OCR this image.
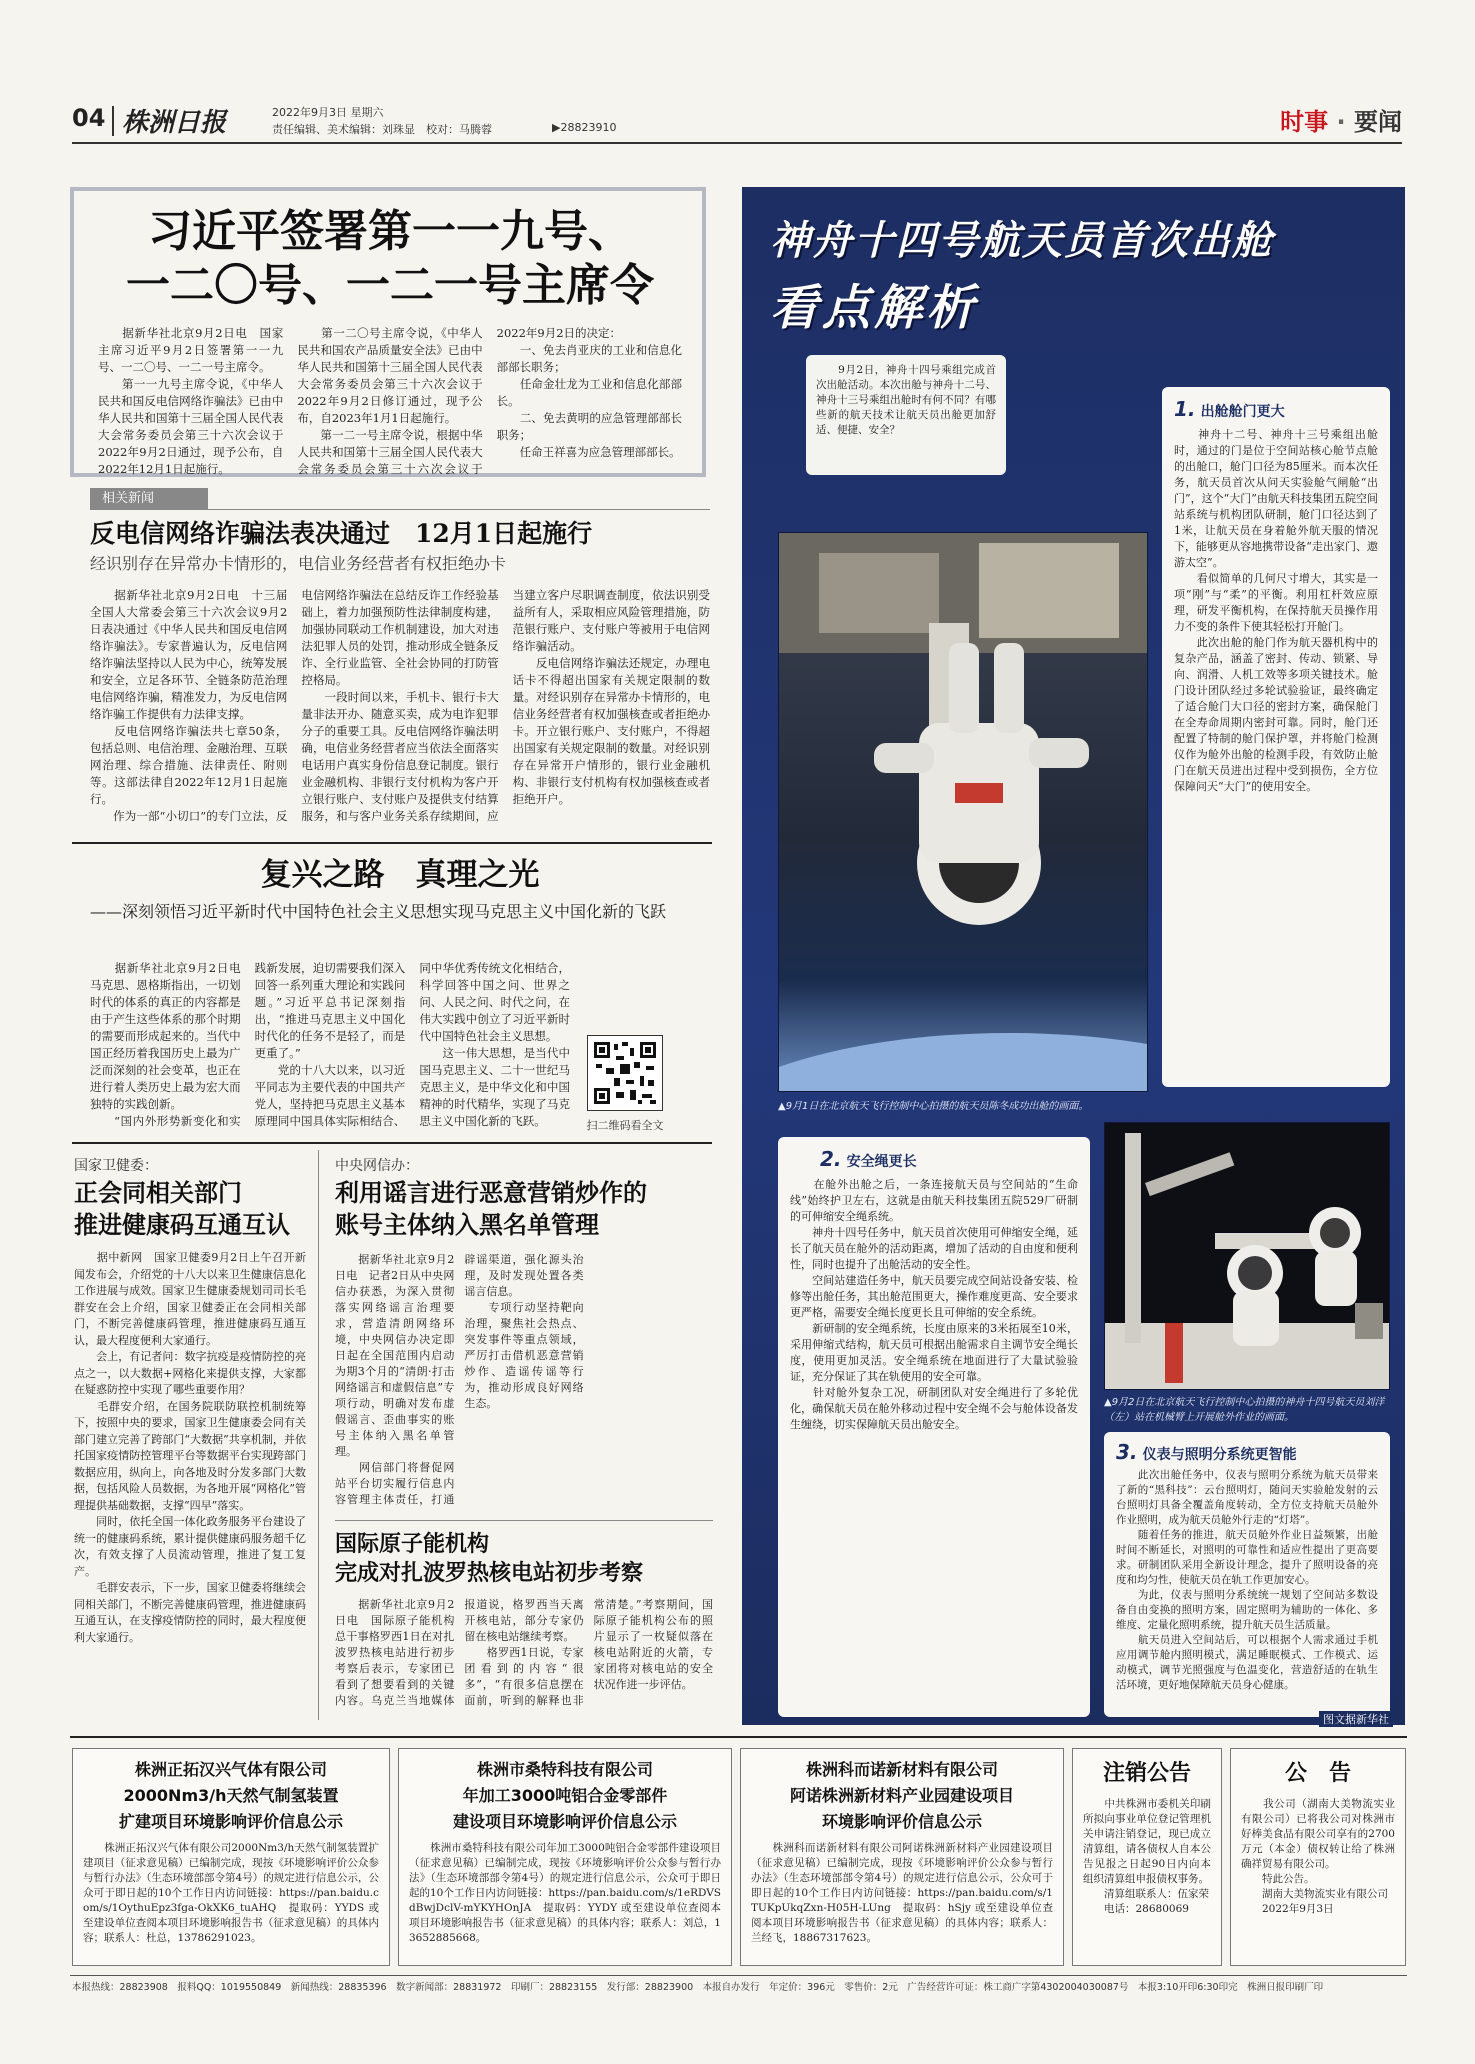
04 株洲日报	2022年9月3日 星期六
责任编辑、美术编辑：刘珠显　校对：马腾蓉	▶28823910	时事 · 要闻
习近平签署第一一九号、
一二〇号、一二一号主席令
　　据新华社北京9月2日电　国家主席习近平9月2日签署第一一九号、一二〇号、一二一号主席令。
　　第一一九号主席令说，《中华人民共和国反电信网络诈骗法》已由中华人民共和国第十三届全国人民代表大会常务委员会第三十六次会议于2022年9月2日通过，现予公布，自2022年12月1日起施行。
　　第一二〇号主席令说，《中华人民共和国农产品质量安全法》已由中华人民共和国第十三届全国人民代表大会常务委员会第三十六次会议于2022年9月2日修订通过，现予公布，自2023年1月1日起施行。
　　第一二一号主席令说，根据中华人民共和国第十三届全国人民代表大会常务委员会第三十六次会议于2022年9月2日的决定：
　　一、免去肖亚庆的工业和信息化部部长职务；
　　任命金壮龙为工业和信息化部部长。
　　二、免去黄明的应急管理部部长职务；
　　任命王祥喜为应急管理部部长。
相关新闻
反电信网络诈骗法表决通过　12月1日起施行
经识别存在异常办卡情形的，电信业务经营者有权拒绝办卡
　　据新华社北京9月2日电　十三届全国人大常委会第三十六次会议9月2日表决通过《中华人民共和国反电信网络诈骗法》。专家普遍认为，反电信网络诈骗法坚持以人民为中心，统筹发展和安全，立足各环节、全链条防范治理电信网络诈骗，精准发力，为反电信网络诈骗工作提供有力法律支撑。
　　反电信网络诈骗法共七章50条，包括总则、电信治理、金融治理、互联网治理、综合措施、法律责任、附则等。这部法律自2022年12月1日起施行。
　　作为一部“小切口”的专门立法，反电信网络诈骗法在总结反诈工作经验基础上，着力加强预防性法律制度构建，加强协同联动工作机制建设，加大对违法犯罪人员的处罚，推动形成全链条反诈、全行业监管、全社会协同的打防管控格局。
　　一段时间以来，手机卡、银行卡大量非法开办、随意买卖，成为电诈犯罪分子的重要工具。反电信网络诈骗法明确，电信业务经营者应当依法全面落实电话用户真实身份信息登记制度。银行业金融机构、非银行支付机构为客户开立银行账户、支付账户及提供支付结算服务，和与客户业务关系存续期间，应当建立客户尽职调查制度，依法识别受益所有人，采取相应风险管理措施，防范银行账户、支付账户等被用于电信网络诈骗活动。
　　反电信网络诈骗法还规定，办理电话卡不得超出国家有关规定限制的数量。对经识别存在异常办卡情形的，电信业务经营者有权加强核查或者拒绝办卡。开立银行账户、支付账户，不得超出国家有关规定限制的数量。对经识别存在异常开户情形的，银行业金融机构、非银行支付机构有权加强核查或者拒绝开户。
复兴之路　真理之光
——深刻领悟习近平新时代中国特色社会主义思想实现马克思主义中国化新的飞跃
　　据新华社北京9月2日电　马克思、恩格斯指出，一切划时代的体系的真正的内容都是由于产生这些体系的那个时期的需要而形成起来的。当代中国正经历着我国历史上最为广泛而深刻的社会变革，也正在进行着人类历史上最为宏大而独特的实践创新。
　　“国内外形势新变化和实践新发展，迫切需要我们深入回答一系列重大理论和实践问题。”习近平总书记深刻指出，“推进马克思主义中国化时代化的任务不是轻了，而是更重了。”
　　党的十八大以来，以习近平同志为主要代表的中国共产党人，坚持把马克思主义基本原理同中国具体实际相结合、同中华优秀传统文化相结合，科学回答中国之问、世界之问、人民之问、时代之问，在伟大实践中创立了习近平新时代中国特色社会主义思想。
　　这一伟大思想，是当代中国马克思主义、二十一世纪马克思主义，是中华文化和中国精神的时代精华，实现了马克思主义中国化新的飞跃。	扫二维码看全文
国家卫健委：
正会同相关部门
推进健康码互通互认
　　据中新网　国家卫健委9月2日上午召开新闻发布会，介绍党的十八大以来卫生健康信息化工作进展与成效。国家卫生健康委规划司司长毛群安在会上介绍，国家卫健委正在会同相关部门，不断完善健康码管理，推进健康码互通互认，最大程度便利大家通行。
　　会上，有记者问：数字抗疫是疫情防控的亮点之一，以大数据+网格化来提供支撑，大家都在疑惑防控中实现了哪些重要作用？
　　毛群安介绍，在国务院联防联控机制统筹下，按照中央的要求，国家卫生健康委会同有关部门建立完善了跨部门“大数据”共享机制，并依托国家疫情防控管理平台等数据平台实现跨部门数据应用，纵向上，向各地及时分发多部门大数据，包括风险人员数据，为各地开展“网格化”管理提供基础数据，支撑“四早”落实。
　　同时，依托全国一体化政务服务平台建设了统一的健康码系统，累计提供健康码服务超千亿次，有效支撑了人员流动管理，推进了复工复产。
　　毛群安表示，下一步，国家卫健委将继续会同相关部门，不断完善健康码管理，推进健康码互通互认，在支撑疫情防控的同时，最大程度便利大家通行。
中央网信办：
利用谣言进行恶意营销炒作的
账号主体纳入黑名单管理
　　据新华社北京9月2日电　记者2日从中央网信办获悉，为深入贯彻落实网络谣言治理要求，营造清朗网络环境，中央网信办决定即日起在全国范围内启动为期3个月的“清朗·打击网络谣言和虚假信息”专项行动，明确对发布虚假谣言、歪曲事实的账号主体纳入黑名单管理。
　　网信部门将督促网站平台切实履行信息内容管理主体责任，打通辟谣渠道，强化源头治理，及时发现处置各类谣言信息。
　　专项行动坚持靶向治理，聚焦社会热点、突发事件等重点领域，严厉打击借机恶意营销炒作、造谣传谣等行为，推动形成良好网络生态。
国际原子能机构
完成对扎波罗热核电站初步考察
　　据新华社北京9月2日电　国际原子能机构总干事格罗西1日在对扎波罗热核电站进行初步考察后表示，专家团已看到了想要看到的关键内容。乌克兰当地媒体报道说，格罗西当天离开核电站，部分专家仍留在核电站继续考察。
　　格罗西1日说，专家团看到的内容“很多”，“有很多信息摆在面前，听到的解释也非常清楚。”考察期间，国际原子能机构公布的照片显示了一枚疑似落在核电站附近的火箭，专家团将对核电站的安全状况作进一步评估。
神舟十四号航天员首次出舱
看点解析
　　9月2日，神舟十四号乘组完成首次出舱活动。本次出舱与神舟十二号、神舟十三号乘组出舱时有何不同？有哪些新的航天技术让航天员出舱更加舒适、便捷、安全？
▲9月1日在北京航天飞行控制中心拍摄的航天员陈冬成功出舱的画面。
1. 出舱舱门更大
　　神舟十二号、神舟十三号乘组出舱时，通过的门是位于空间站核心舱节点舱的出舱口，舱门口径为85厘米。而本次任务，航天员首次从问天实验舱气闸舱“出门”，这个“大门”由航天科技集团五院空间站系统与机构团队研制，舱门口径达到了1米，让航天员在身着舱外航天服的情况下，能够更从容地携带设备“走出家门、遨游太空”。
　　看似简单的几何尺寸增大，其实是一项“刚”与“柔”的平衡。利用杠杆效应原理，研发平衡机构，在保持航天员操作用力不变的条件下使其轻松打开舱门。
　　此次出舱的舱门作为航天器机构中的复杂产品，涵盖了密封、传动、锁紧、导向、润滑、人机工效等多项关键技术。舱门设计团队经过多轮试验验证，最终确定了适合舱门大口径的密封方案，确保舱门在全寿命周期内密封可靠。同时，舱门还配置了特制的舱门保护罩，并将舱门检测仪作为舱外出舱的检测手段，有效防止舱门在航天员进出过程中受到损伤，全方位保障问天“大门”的使用安全。
2. 安全绳更长
　　在舱外出舱之后，一条连接航天员与空间站的“生命线”始终护卫左右，这就是由航天科技集团五院529厂研制的可伸缩安全绳系统。
　　神舟十四号任务中，航天员首次使用可伸缩安全绳，延长了航天员在舱外的活动距离，增加了活动的自由度和便利性，同时也提升了出舱活动的安全性。
　　空间站建造任务中，航天员要完成空间站设备安装、检修等出舱任务，其出舱范围更大，操作难度更高、安全要求更严格，需要安全绳长度更长且可伸缩的安全系统。
　　新研制的安全绳系统，长度由原来的3米拓展至10米，采用伸缩式结构，航天员可根据出舱需求自主调节安全绳长度，使用更加灵活。安全绳系统在地面进行了大量试验验证，充分保证了其在轨使用的安全可靠。
　　针对舱外复杂工况，研制团队对安全绳进行了多轮优化，确保航天员在舱外移动过程中安全绳不会与舱体设备发生缠绕，切实保障航天员出舱安全。
▲9月2日在北京航天飞行控制中心拍摄的神舟十四号航天员刘洋（左）站在机械臂上开展舱外作业的画面。
3. 仪表与照明分系统更智能
　　此次出舱任务中，仪表与照明分系统为航天员带来了新的“黑科技”：云台照明灯，随问天实验舱发射的云台照明灯具备全覆盖角度转动，全方位支持航天员舱外作业照明，成为航天员舱外行走的“灯塔”。
　　随着任务的推进，航天员舱外作业日益频繁，出舱时间不断延长，对照明的可靠性和适应性提出了更高要求。研制团队采用全新设计理念，提升了照明设备的亮度和均匀性，使航天员在轨工作更加安心。
　　为此，仪表与照明分系统统一规划了空间站多数设备自由变换的照明方案，固定照明为辅助的一体化、多维度、定量化照明系统，提升航天员生活质量。
　　航天员进入空间站后，可以根据个人需求通过手机应用调节舱内照明模式，满足睡眠模式、工作模式、运动模式，调节光照强度与色温变化，营造舒适的在轨生活环境，更好地保障航天员身心健康。
图文据新华社
株洲正拓汉兴气体有限公司
2000Nm3/h天然气制氢装置
扩建项目环境影响评价信息公示
　　株洲正拓汉兴气体有限公司2000Nm3/h天然气制氢装置扩建项目（征求意见稿）已编制完成，现按《环境影响评价公众参与暂行办法》（生态环境部部令第4号）的规定进行信息公示，公众可于即日起的10个工作日内访问链接：https://pan.baidu.com/s/1OythuEpz3fga-OkXK6_tuAHQ　提取码：YYDS 或至建设单位查阅本项目环境影响报告书（征求意见稿）的具体内容；联系人：杜总，13786291023。
株洲市桑特科技有限公司
年加工3000吨铝合金零部件
建设项目环境影响评价信息公示
　　株洲市桑特科技有限公司年加工3000吨铝合金零部件建设项目（征求意见稿）已编制完成，现按《环境影响评价公众参与暂行办法》（生态环境部部令第4号）的规定进行信息公示，公众可于即日起的10个工作日内访问链接：https://pan.baidu.com/s/1eRDVSdBwjDclV-mYKYHOnJA　提取码：YYDY 或至建设单位查阅本项目环境影响报告书（征求意见稿）的具体内容；联系人：刘总，13652885668。
株洲科而诺新材料有限公司
阿诺株洲新材料产业园建设项目
环境影响评价信息公示
　　株洲科而诺新材料有限公司阿诺株洲新材料产业园建设项目（征求意见稿）已编制完成，现按《环境影响评价公众参与暂行办法》（生态环境部部令第4号）的规定进行信息公示，公众可于即日起的10个工作日内访问链接：https://pan.baidu.com/s/1TUKpUkqZxn-H05H-LUng　提取码：hSjy 或至建设单位查阅本项目环境影响报告书（征求意见稿）的具体内容；联系人：兰经飞，18867317623。
注销公告
　　中共株洲市委机关印刷所拟向事业单位登记管理机关申请注销登记，现已成立清算组，请各债权人自本公告见报之日起90日内向本组织清算组申报债权事务。
　　清算组联系人：伍家荣
　　电话：28680069
公　告
　　我公司（湖南大美物流实业有限公司）已将我公司对株洲市好棒美食品有限公司享有的2700万元（本金）债权转让给了株洲确祥贸易有限公司。
　　特此公告。
　　湖南大美物流实业有限公司
　　2022年9月3日
本报热线：28823908　报料QQ：1019550849　新闻热线：28835396　数字新闻部：28831972　印刷厂：28823155　发行部：28823900　本报自办发行　年定价：396元　零售价：2元　广告经营许可证：株工商广字第4302004030087号　本报3:10开印6:30印完　株洲日报印刷厂印
